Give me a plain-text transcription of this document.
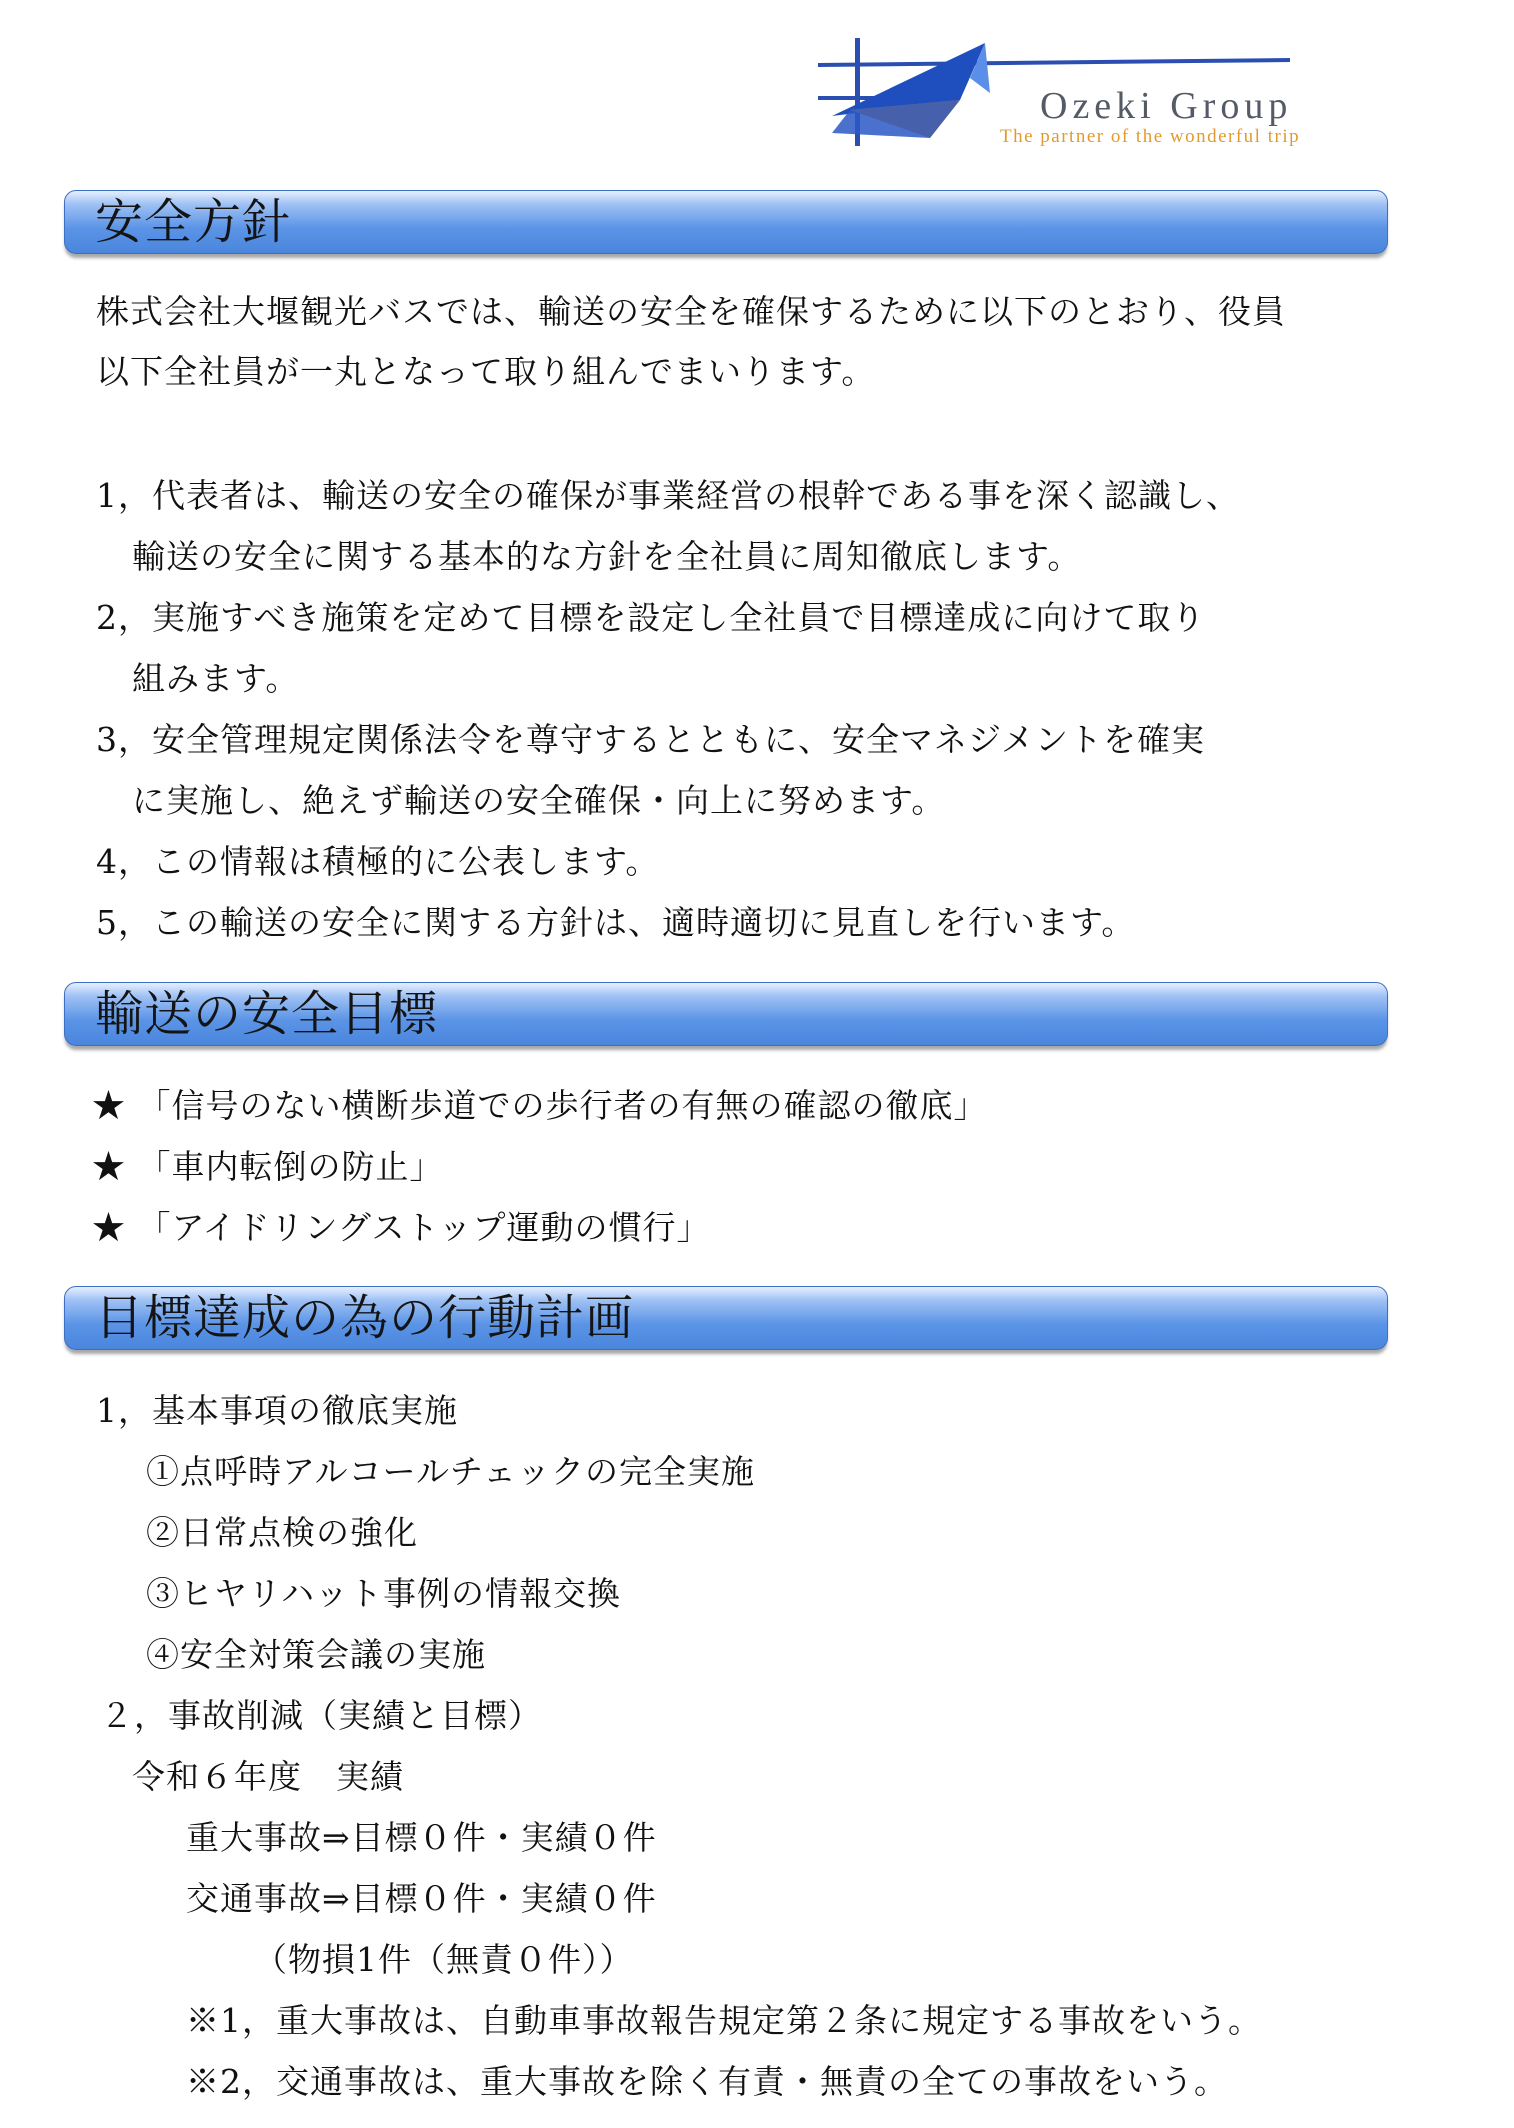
Ozeki Group
The partner of the wonderful trip
安全方針
株式会社大堰観光バスでは、輸送の安全を確保するために以下のとおり、役員
以下全社員が一丸となって取り組んでまいります。
1，代表者は、輸送の安全の確保が事業経営の根幹である事を深く認識し、
輸送の安全に関する基本的な方針を全社員に周知徹底します。
2，実施すべき施策を定めて目標を設定し全社員で目標達成に向けて取り
組みます。
3，安全管理規定関係法令を尊守するとともに、安全マネジメントを確実
に実施し、絶えず輸送の安全確保・向上に努めます。
4，この情報は積極的に公表します。
5，この輸送の安全に関する方針は、適時適切に見直しを行います。
輸送の安全目標
★ 「信号のない横断歩道での歩行者の有無の確認の徹底」
★ 「車内転倒の防止」
★ 「アイドリングストップ運動の慣行」
目標達成の為の行動計画
1，基本事項の徹底実施
①点呼時アルコールチェックの完全実施
②日常点検の強化
③ヒヤリハット事例の情報交換
④安全対策会議の実施
２，事故削減（実績と目標）
令和６年度　実績
重大事故⇒目標０件・実績０件
交通事故⇒目標０件・実績０件
（物損1件（無責０件））
※1，重大事故は、自動車事故報告規定第２条に規定する事故をいう。
※2，交通事故は、重大事故を除く有責・無責の全ての事故をいう。
